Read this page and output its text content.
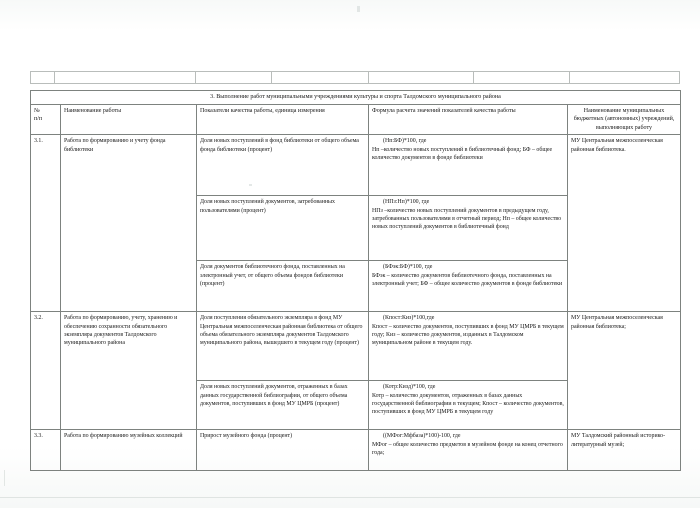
3. Выполнение работ муниципальными учреждениями культуры и спорта Талдомского муниципального района				

№
п/п	Наименование работы	Показатели качества работы, единица измерения	Формула расчета значений показателей качества работы	Наименование муниципальных бюджетных (автономных) учреждений, выполняющих работу
3.1.	Работа по формированию и учету фонда библиотеки	Доля новых поступлений в фонд библиотеки от общего объема фонда библиотеки (процент)	(Нп:БФ)*100, где
Нп –количество новых поступлений в библиотечный фонд; БФ – общее количество документов в фонде библиотеки	МУ Центральная межпоселенческая районная библиотека.
		Доля новых поступлений документов, затребованных пользователями (процент)	(НПз:Нп)*100, где
НПз –количество новых поступлений документов в предыдущем году, затребованных пользователями в отчетный период; Нп – общее количество новых поступлений документов в библиотечный фонд	

		Доля документов библиотечного фонда, поставленных на электронный учет, от общего объема фондов библиотеки (процент)	(БФэк:БФ)*100, где
БФэк – количество документов библиотечного фонда, поставленных на электронный учет; БФ – общее количество документов в фонде библиотеки	

3.2.	Работа по формированию, учету, хранению и обеспечению сохранности обязательного экземпляра документов Талдомского муниципального района	Доля поступления обязательного экземпляра в фонд МУ Центральная межпоселенческая районная библиотека от общего объема обязательного экземпляра документов Талдомского муниципального района, вышедшего в текущем году (процент)	(Кпост:Киз)*100,где
Кпост – количество документов, поступивших в фонд МУ ЦМРБ в текущем году; Киз – количество документов, изданных в Талдомском муниципальном районе в текущем году.	МУ Центральная межпоселенческая районная библиотека;
		Доля новых поступлений документов, отраженных в базах данных государственной библиографии, от общего объема документов, поступивших в фонд МУ ЦМРБ (процент)	(Котр:Кизд)*100, где
Котр – количество документов, отраженных в базах данных государственной библиографии в текущем; Кпост – количество документов, поступивших в фонд МУ ЦМРБ в текущем году	

3.3.	Работа по формированию музейных коллекций	Прирост музейного фонда (процент)	((МФог:Мфбаза)*100)-100, где
МФог – общее количество предметов в музейном фонде на конец отчетного года;	МУ Талдомский районный историко-литературный музей;
